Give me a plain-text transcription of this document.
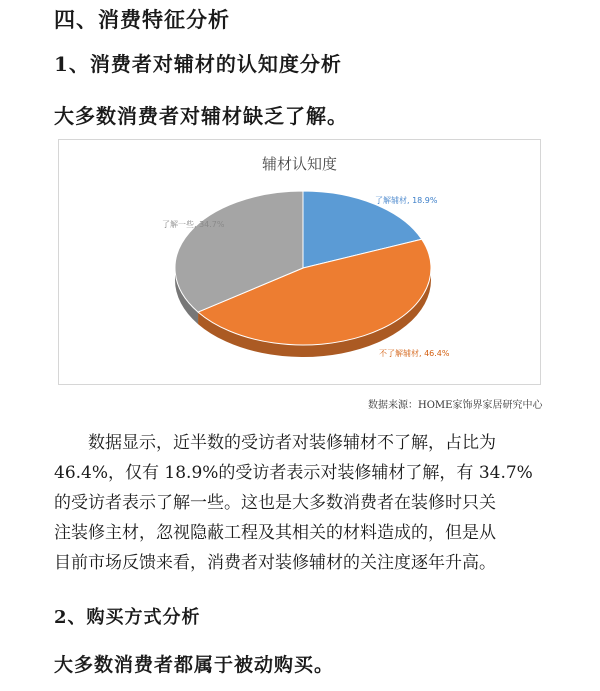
四、消费特征分析
1、消费者对辅材的认知度分析
大多数消费者对辅材缺乏了解。
辅材认知度
了解辅材, 18.9%
不了解辅材, 46.4%
了解一些, 34.7%
数据来源：HOME家饰界家居研究中心

数据显示，近半数的受访者对装修辅材不了解，占比为

46.4%，仅有 18.9%的受访者表示对装修辅材了解，有 34.7%

的受访者表示了解一些。这也是大多数消费者在装修时只关

注装修主材，忽视隐蔽工程及其相关的材料造成的，但是从

目前市场反馈来看，消费者对装修辅材的关注度逐年升高。

2、购买方式分析
大多数消费者都属于被动购买。
